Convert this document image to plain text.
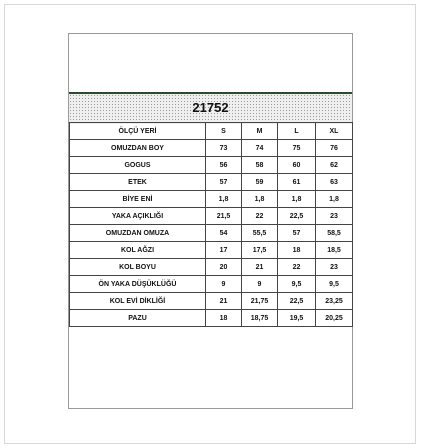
21752
ÖLÇÜ YERİ	S	M	L	XL
OMUZDAN BOY	73	74	75	76
GOGUS	56	58	60	62
ETEK	57	59	61	63
BİYE ENİ	1,8	1,8	1,8	1,8
YAKA AÇIKLIĞI	21,5	22	22,5	23
OMUZDAN OMUZA	54	55,5	57	58,5
KOL AĞZI	17	17,5	18	18,5
KOL BOYU	20	21	22	23
ÖN YAKA DÜŞÜKLÜĞÜ	9	9	9,5	9,5
KOL EVİ DİKLİĞİ	21	21,75	22,5	23,25
PAZU	18	18,75	19,5	20,25
